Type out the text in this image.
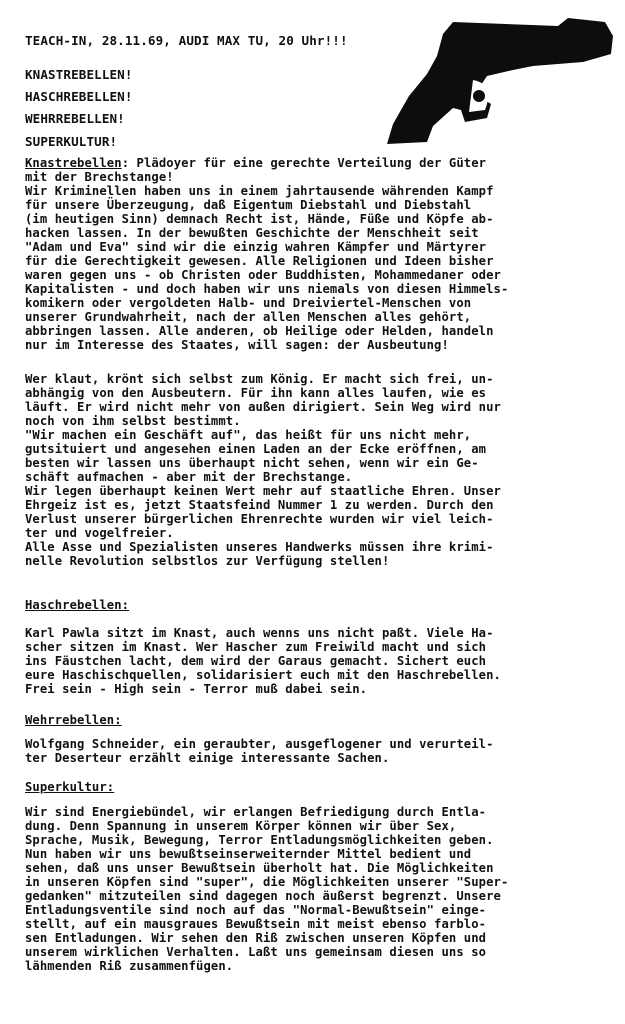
TEACH-IN, 28.11.69, AUDI MAX TU, 20 Uhr!!!
KNASTREBELLEN!
HASCHREBELLEN!
WEHRREBELLEN!
SUPERKULTUR!
Knastrebellen: Plädoyer für eine gerechte Verteilung der Güter
mit der Brechstange!
Wir Kriminellen haben uns in einem jahrtausende währenden Kampf
für unsere Überzeugung, daß Eigentum Diebstahl und Diebstahl
(im heutigen Sinn) demnach Recht ist, Hände, Füße und Köpfe ab-
hacken lassen. In der bewußten Geschichte der Menschheit seit
"Adam und Eva" sind wir die einzig wahren Kämpfer und Märtyrer
für die Gerechtigkeit gewesen. Alle Religionen und Ideen bisher
waren gegen uns - ob Christen oder Buddhisten, Mohammedaner oder
Kapitalisten - und doch haben wir uns niemals von diesen Himmels-
komikern oder vergoldeten Halb- und Dreiviertel-Menschen von
unserer Grundwahrheit, nach der allen Menschen alles gehört,
abbringen lassen. Alle anderen, ob Heilige oder Helden, handeln
nur im Interesse des Staates, will sagen: der Ausbeutung!
Wer klaut, krönt sich selbst zum König. Er macht sich frei, un-
abhängig von den Ausbeutern. Für ihn kann alles laufen, wie es
läuft. Er wird nicht mehr von außen dirigiert. Sein Weg wird nur
noch von ihm selbst bestimmt.
"Wir machen ein Geschäft auf", das heißt für uns nicht mehr,
gutsituiert und angesehen einen Laden an der Ecke eröffnen, am
besten wir lassen uns überhaupt nicht sehen, wenn wir ein Ge-
schäft aufmachen - aber mit der Brechstange.
Wir legen überhaupt keinen Wert mehr auf staatliche Ehren. Unser
Ehrgeiz ist es, jetzt Staatsfeind Nummer 1 zu werden. Durch den
Verlust unserer bürgerlichen Ehrenrechte wurden wir viel leich-
ter und vogelfreier.
Alle Asse und Spezialisten unseres Handwerks müssen ihre krimi-
nelle Revolution selbstlos zur Verfügung stellen!
Haschrebellen:
Karl Pawla sitzt im Knast, auch wenns uns nicht paßt. Viele Ha-
scher sitzen im Knast. Wer Hascher zum Freiwild macht und sich
ins Fäustchen lacht, dem wird der Garaus gemacht. Sichert euch
eure Haschischquellen, solidarisiert euch mit den Haschrebellen.
Frei sein - High sein - Terror muß dabei sein.
Wehrrebellen:
Wolfgang Schneider, ein geraubter, ausgeflogener und verurteil-
ter Deserteur erzählt einige interessante Sachen.
Superkultur:
Wir sind Energiebündel, wir erlangen Befriedigung durch Entla-
dung. Denn Spannung in unserem Körper können wir über Sex,
Sprache, Musik, Bewegung, Terror Entladungsmöglichkeiten geben.
Nun haben wir uns bewußtseinserweiternder Mittel bedient und
sehen, daß uns unser Bewußtsein überholt hat. Die Möglichkeiten
in unseren Köpfen sind "super", die Möglichkeiten unserer "Super-
gedanken" mitzuteilen sind dagegen noch äußerst begrenzt. Unsere
Entladungsventile sind noch auf das "Normal-Bewußtsein" einge-
stellt, auf ein mausgraues Bewußtsein mit meist ebenso farblo-
sen Entladungen. Wir sehen den Riß zwischen unseren Köpfen und
unserem wirklichen Verhalten. Laßt uns gemeinsam diesen uns so
lähmenden Riß zusammenfügen.
